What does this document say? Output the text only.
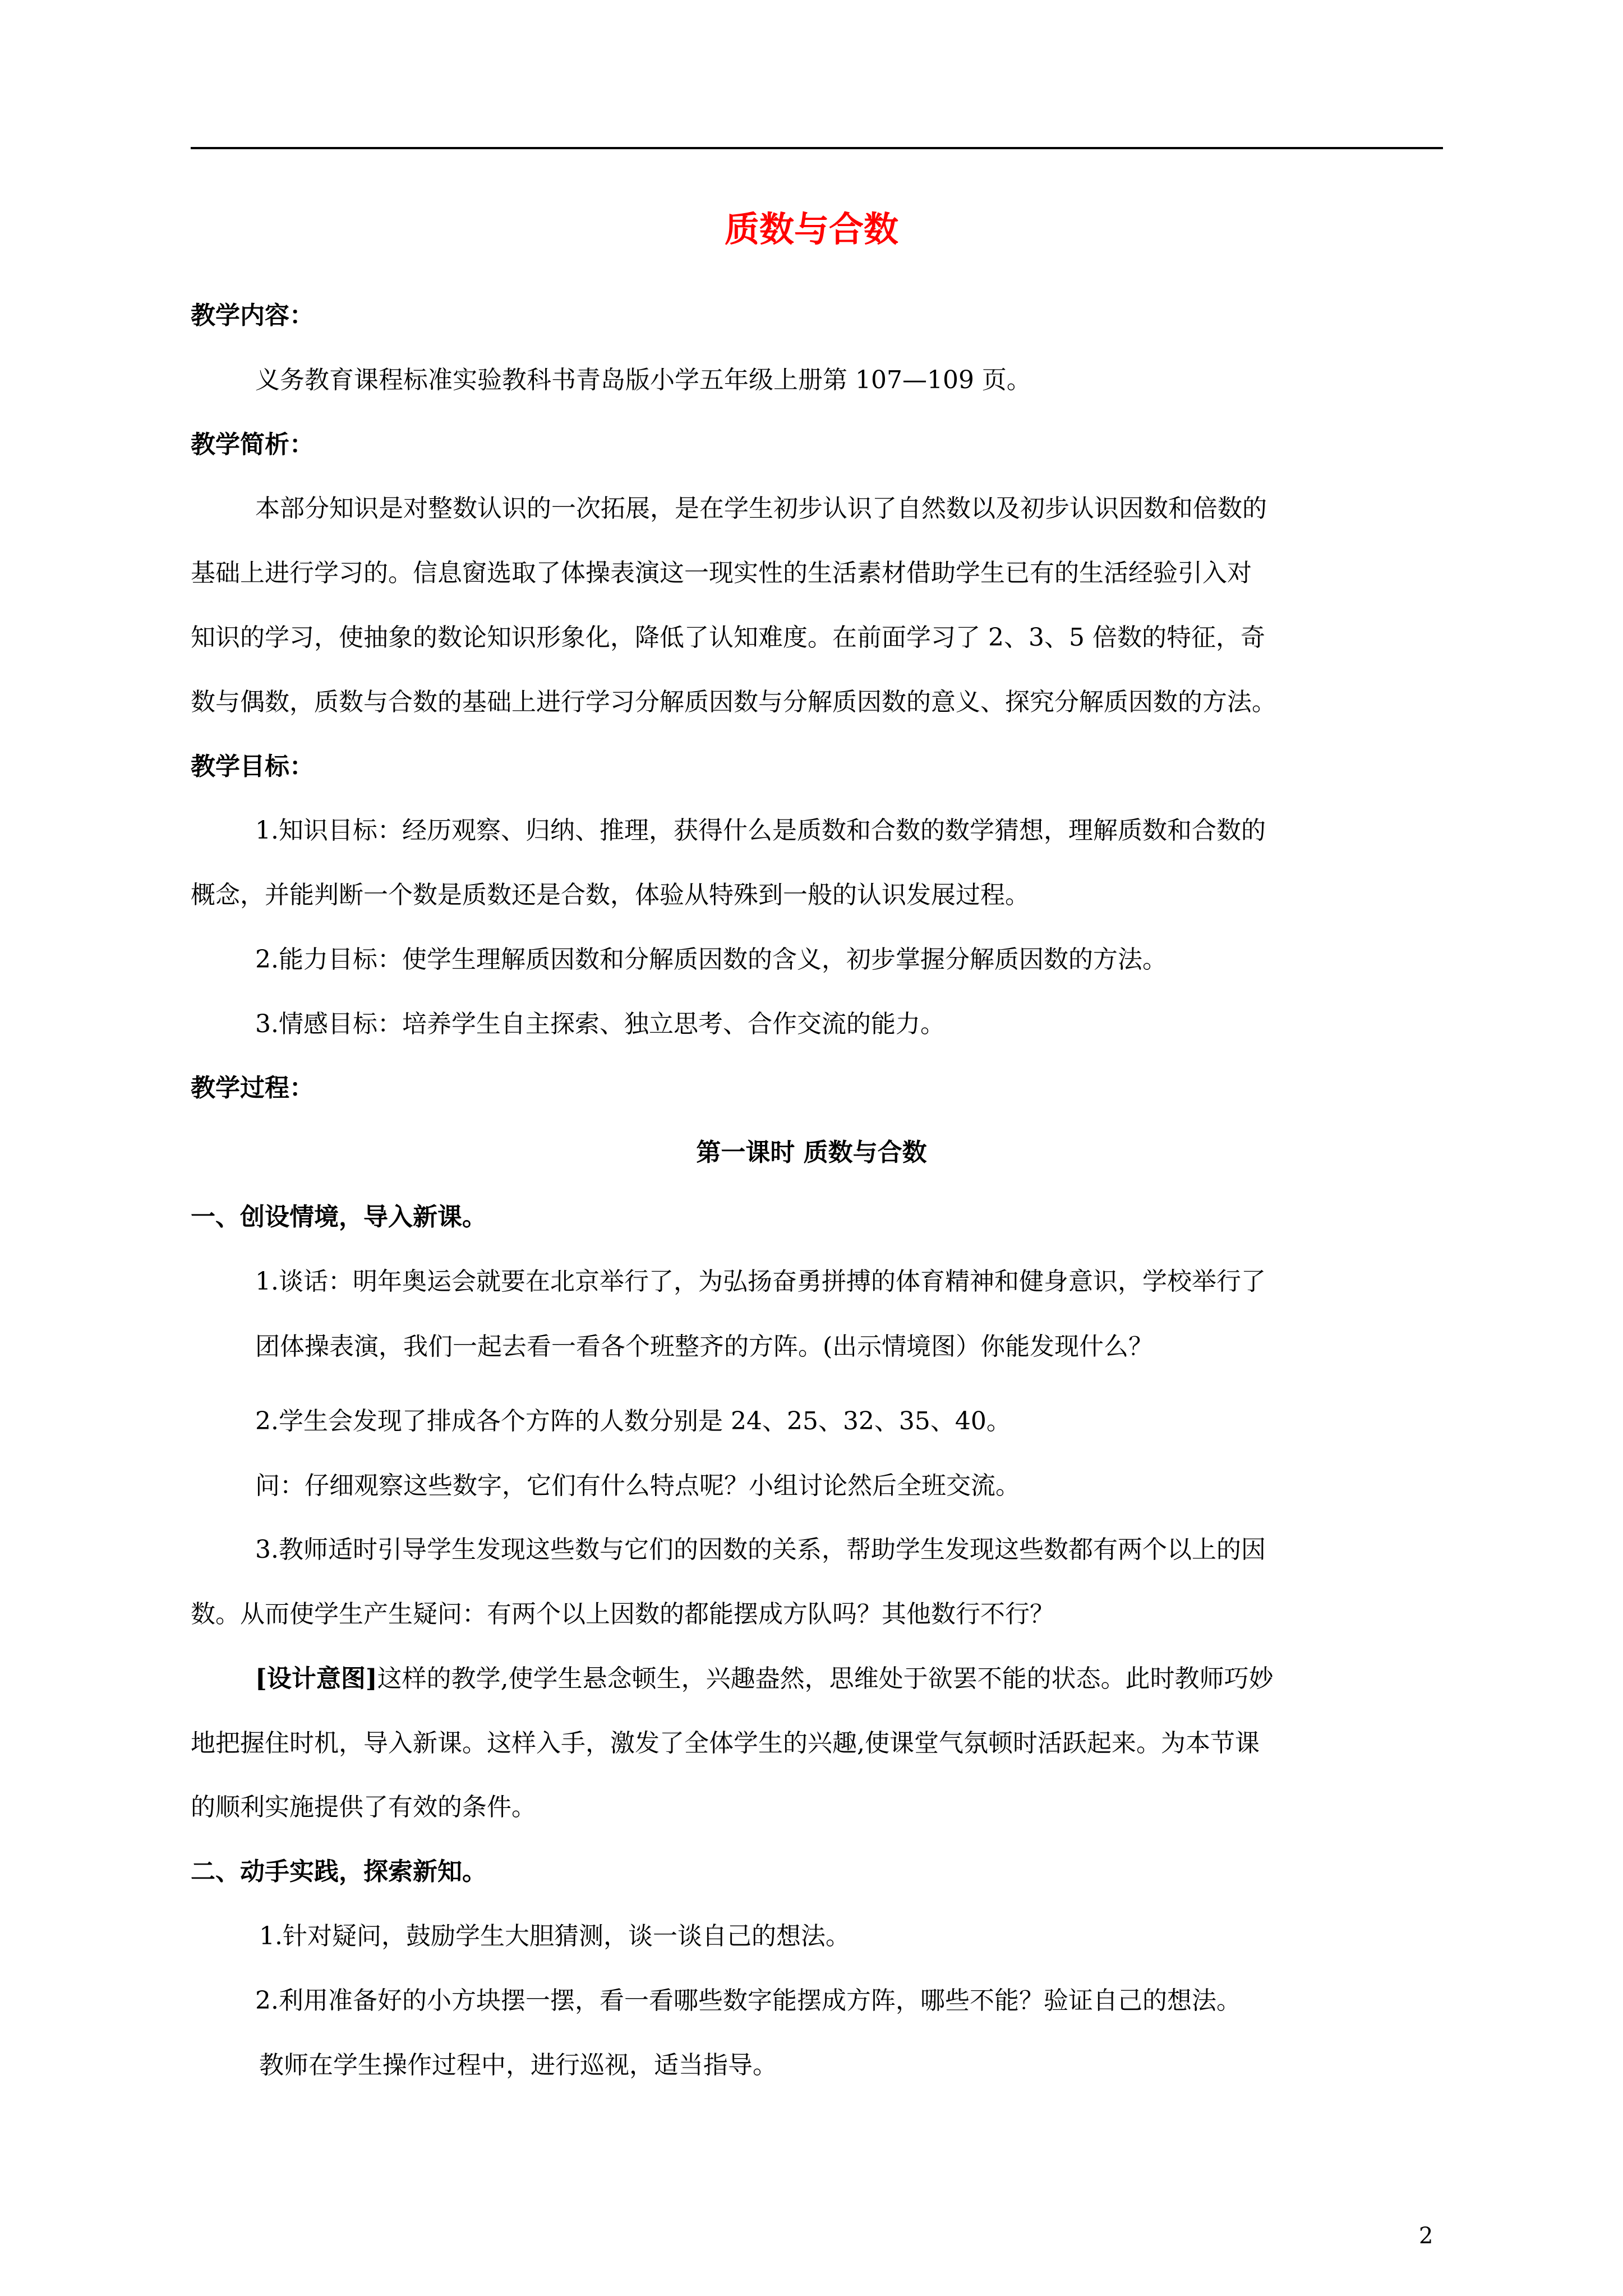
质数与合数
教学内容：
义务教育课程标准实验教科书青岛版小学五年级上册第 107—109 页。
教学简析：
本部分知识是对整数认识的一次拓展，是在学生初步认识了自然数以及初步认识因数和倍数的
基础上进行学习的。信息窗选取了体操表演这一现实性的生活素材借助学生已有的生活经验引入对
知识的学习，使抽象的数论知识形象化，降低了认知难度。在前面学习了 2、3、5 倍数的特征，奇
数与偶数，质数与合数的基础上进行学习分解质因数与分解质因数的意义、探究分解质因数的方法。
教学目标：
1.知识目标：经历观察、归纳、推理，获得什么是质数和合数的数学猜想，理解质数和合数的
概念，并能判断一个数是质数还是合数，体验从特殊到一般的认识发展过程。
2.能力目标：使学生理解质因数和分解质因数的含义，初步掌握分解质因数的方法。
3.情感目标：培养学生自主探索、独立思考、合作交流的能力。
教学过程：
第一课时 质数与合数
一、创设情境，导入新课。
1.谈话：明年奥运会就要在北京举行了，为弘扬奋勇拼搏的体育精神和健身意识，学校举行了
团体操表演，我们一起去看一看各个班整齐的方阵。(出示情境图）你能发现什么？
2.学生会发现了排成各个方阵的人数分别是 24、25、32、35、40。
问：仔细观察这些数字，它们有什么特点呢？小组讨论然后全班交流。
3.教师适时引导学生发现这些数与它们的因数的关系，帮助学生发现这些数都有两个以上的因
数。从而使学生产生疑问：有两个以上因数的都能摆成方队吗？其他数行不行？
[设计意图]这样的教学,使学生悬念顿生，兴趣盎然，思维处于欲罢不能的状态。此时教师巧妙
地把握住时机，导入新课。这样入手，激发了全体学生的兴趣,使课堂气氛顿时活跃起来。为本节课
的顺利实施提供了有效的条件。
二、动手实践，探索新知。
1.针对疑问，鼓励学生大胆猜测，谈一谈自己的想法。
2.利用准备好的小方块摆一摆，看一看哪些数字能摆成方阵，哪些不能？验证自己的想法。
教师在学生操作过程中，进行巡视，适当指导。
2
